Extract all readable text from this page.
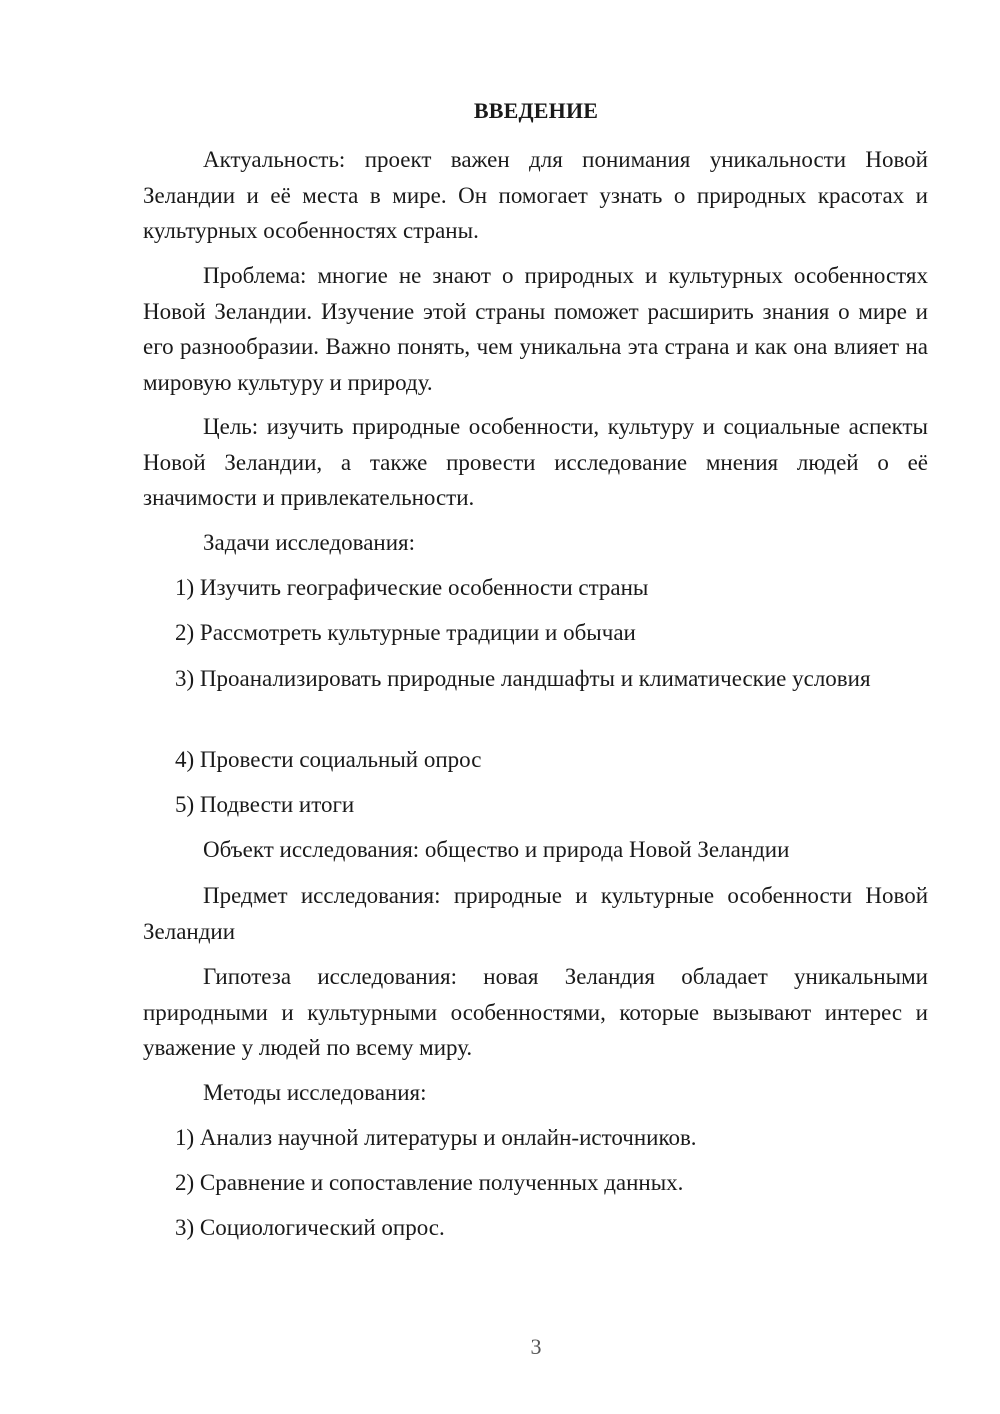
ВВЕДЕНИЕ

Актуальность: проект важен для понимания уникальности Новой Зеландии и её места в мире. Он помогает узнать о природных красотах и культурных особенностях страны.

Проблема: многие не знают о природных и культурных особенностях Новой Зеландии. Изучение этой страны поможет расширить знания о мире и его разнообразии. Важно понять, чем уникальна эта страна и как она влияет на мировую культуру и природу.

Цель: изучить природные особенности, культуру и социальные аспекты Новой Зеландии, а также провести исследование мнения людей о её значимости и привлекательности.

Задачи исследования:

1) Изучить географические особенности страны

2) Рассмотреть культурные традиции и обычаи

3) Проанализировать природные ландшафты и климатические условия

4) Провести социальный опрос

5) Подвести итоги

Объект исследования: общество и природа Новой Зеландии

Предмет исследования: природные и культурные особенности Новой Зеландии

Гипотеза исследования: новая Зеландия обладает уникальными природными и культурными особенностями, которые вызывают интерес и уважение у людей по всему миру.

Методы исследования:

1) Анализ научной литературы и онлайн-источников.

2) Сравнение и сопоставление полученных данных.

3) Социологический опрос.

3
